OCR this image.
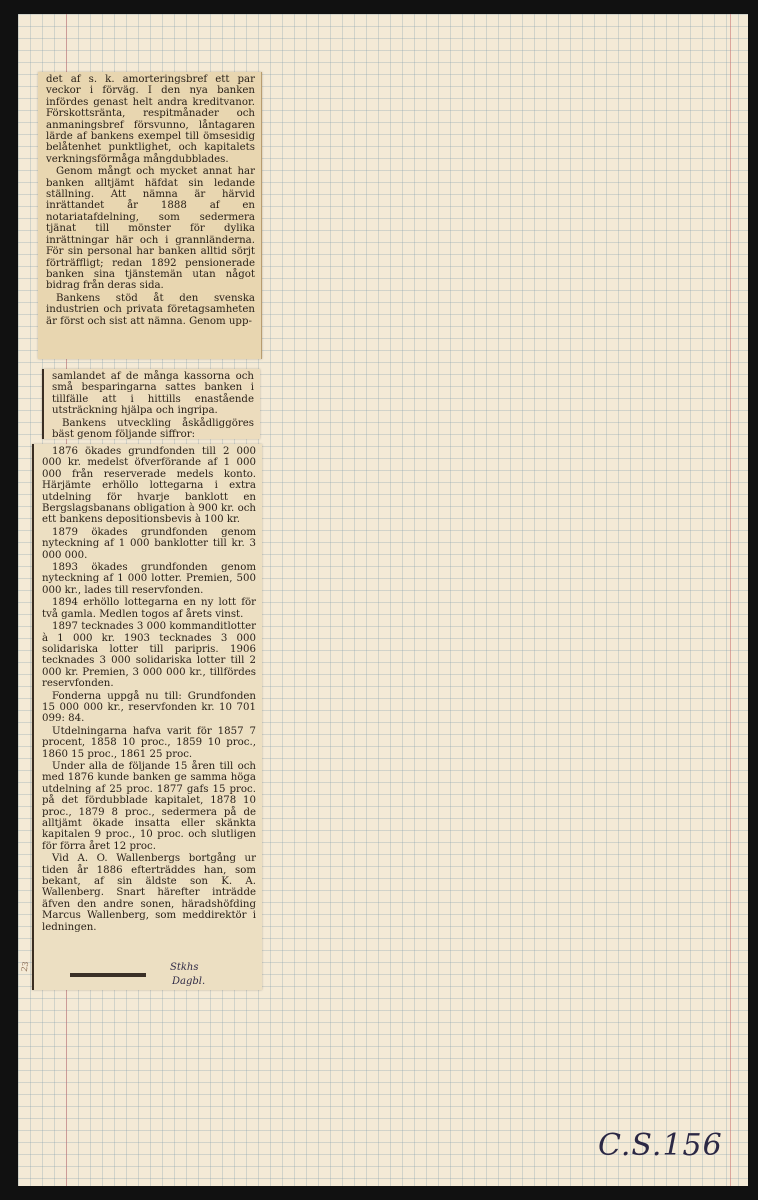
det af s. k. amorteringsbref ett par veckor i förväg. I den nya banken infördes genast helt andra kreditvanor. Förskottsränta, respitmånader och anmaningsbref försvunno, låntagaren lärde af bankens exempel till ömsesidig belåtenhet punktlighet, och kapitalets verkningsförmåga mångdubblades.

Genom mångt och mycket annat har banken alltjämt häfdat sin ledande ställning. Att nämna är härvid inrättandet år 1888 af en notariatafdelning, som sedermera tjänat till mönster för dylika inrättningar här och i grannländerna. För sin personal har banken alltid sörjt förträffligt; redan 1892 pensionerade banken sina tjänstemän utan något bidrag från deras sida.

Bankens stöd åt den svenska industrien och privata företagsamheten är först och sist att nämna. Genom upp-

samlandet af de många kassorna och små besparingarna sattes banken i tillfälle att i hittills enastående utsträckning hjälpa och ingripa.

Bankens utveckling åskådliggöres bäst genom följande siffror:

1876 ökades grundfonden till 2 000 000 kr. medelst öfverförande af 1 000 000 från reserverade medels konto. Härjämte erhöllo lottegarna i extra utdelning för hvarje banklott en Bergslagsbanans obligation à 900 kr. och ett bankens depositionsbevis à 100 kr.

1879 ökades grundfonden genom nyteckning af 1 000 banklotter till kr. 3 000 000.

1893 ökades grundfonden genom nyteckning af 1 000 lotter. Premien, 500 000 kr., lades till reservfonden.

1894 erhöllo lottegarna en ny lott för två gamla. Medlen togos af årets vinst.

1897 tecknades 3 000 kommanditlotter à 1 000 kr. 1903 tecknades 3 000 solidariska lotter till paripris. 1906 tecknades 3 000 solidariska lotter till 2 000 kr. Premien, 3 000 000 kr., tillfördes reservfonden.

Fonderna uppgå nu till: Grundfonden 15 000 000 kr., reservfonden kr. 10 701 099: 84.

Utdelningarna hafva varit för 1857 7 procent, 1858 10 proc., 1859 10 proc., 1860 15 proc., 1861 25 proc.

Under alla de följande 15 åren till och med 1876 kunde banken ge samma höga utdelning af 25 proc. 1877 gafs 15 proc. på det fördubblade kapitalet, 1878 10 proc., 1879 8 proc., sedermera på de alltjämt ökade insatta eller skänkta kapitalen 9 proc., 10 proc. och slutligen för förra året 12 proc.

Vid A. O. Wallenbergs bortgång ur tiden år 1886 efterträddes han, som bekant, af sin äldste son K. A. Wallenberg. Snart härefter inträdde äfven den andre sonen, häradshöfding Marcus Wallenberg, som meddirektör i ledningen.

Stkhs
Dagbl.
23
C.S.156
